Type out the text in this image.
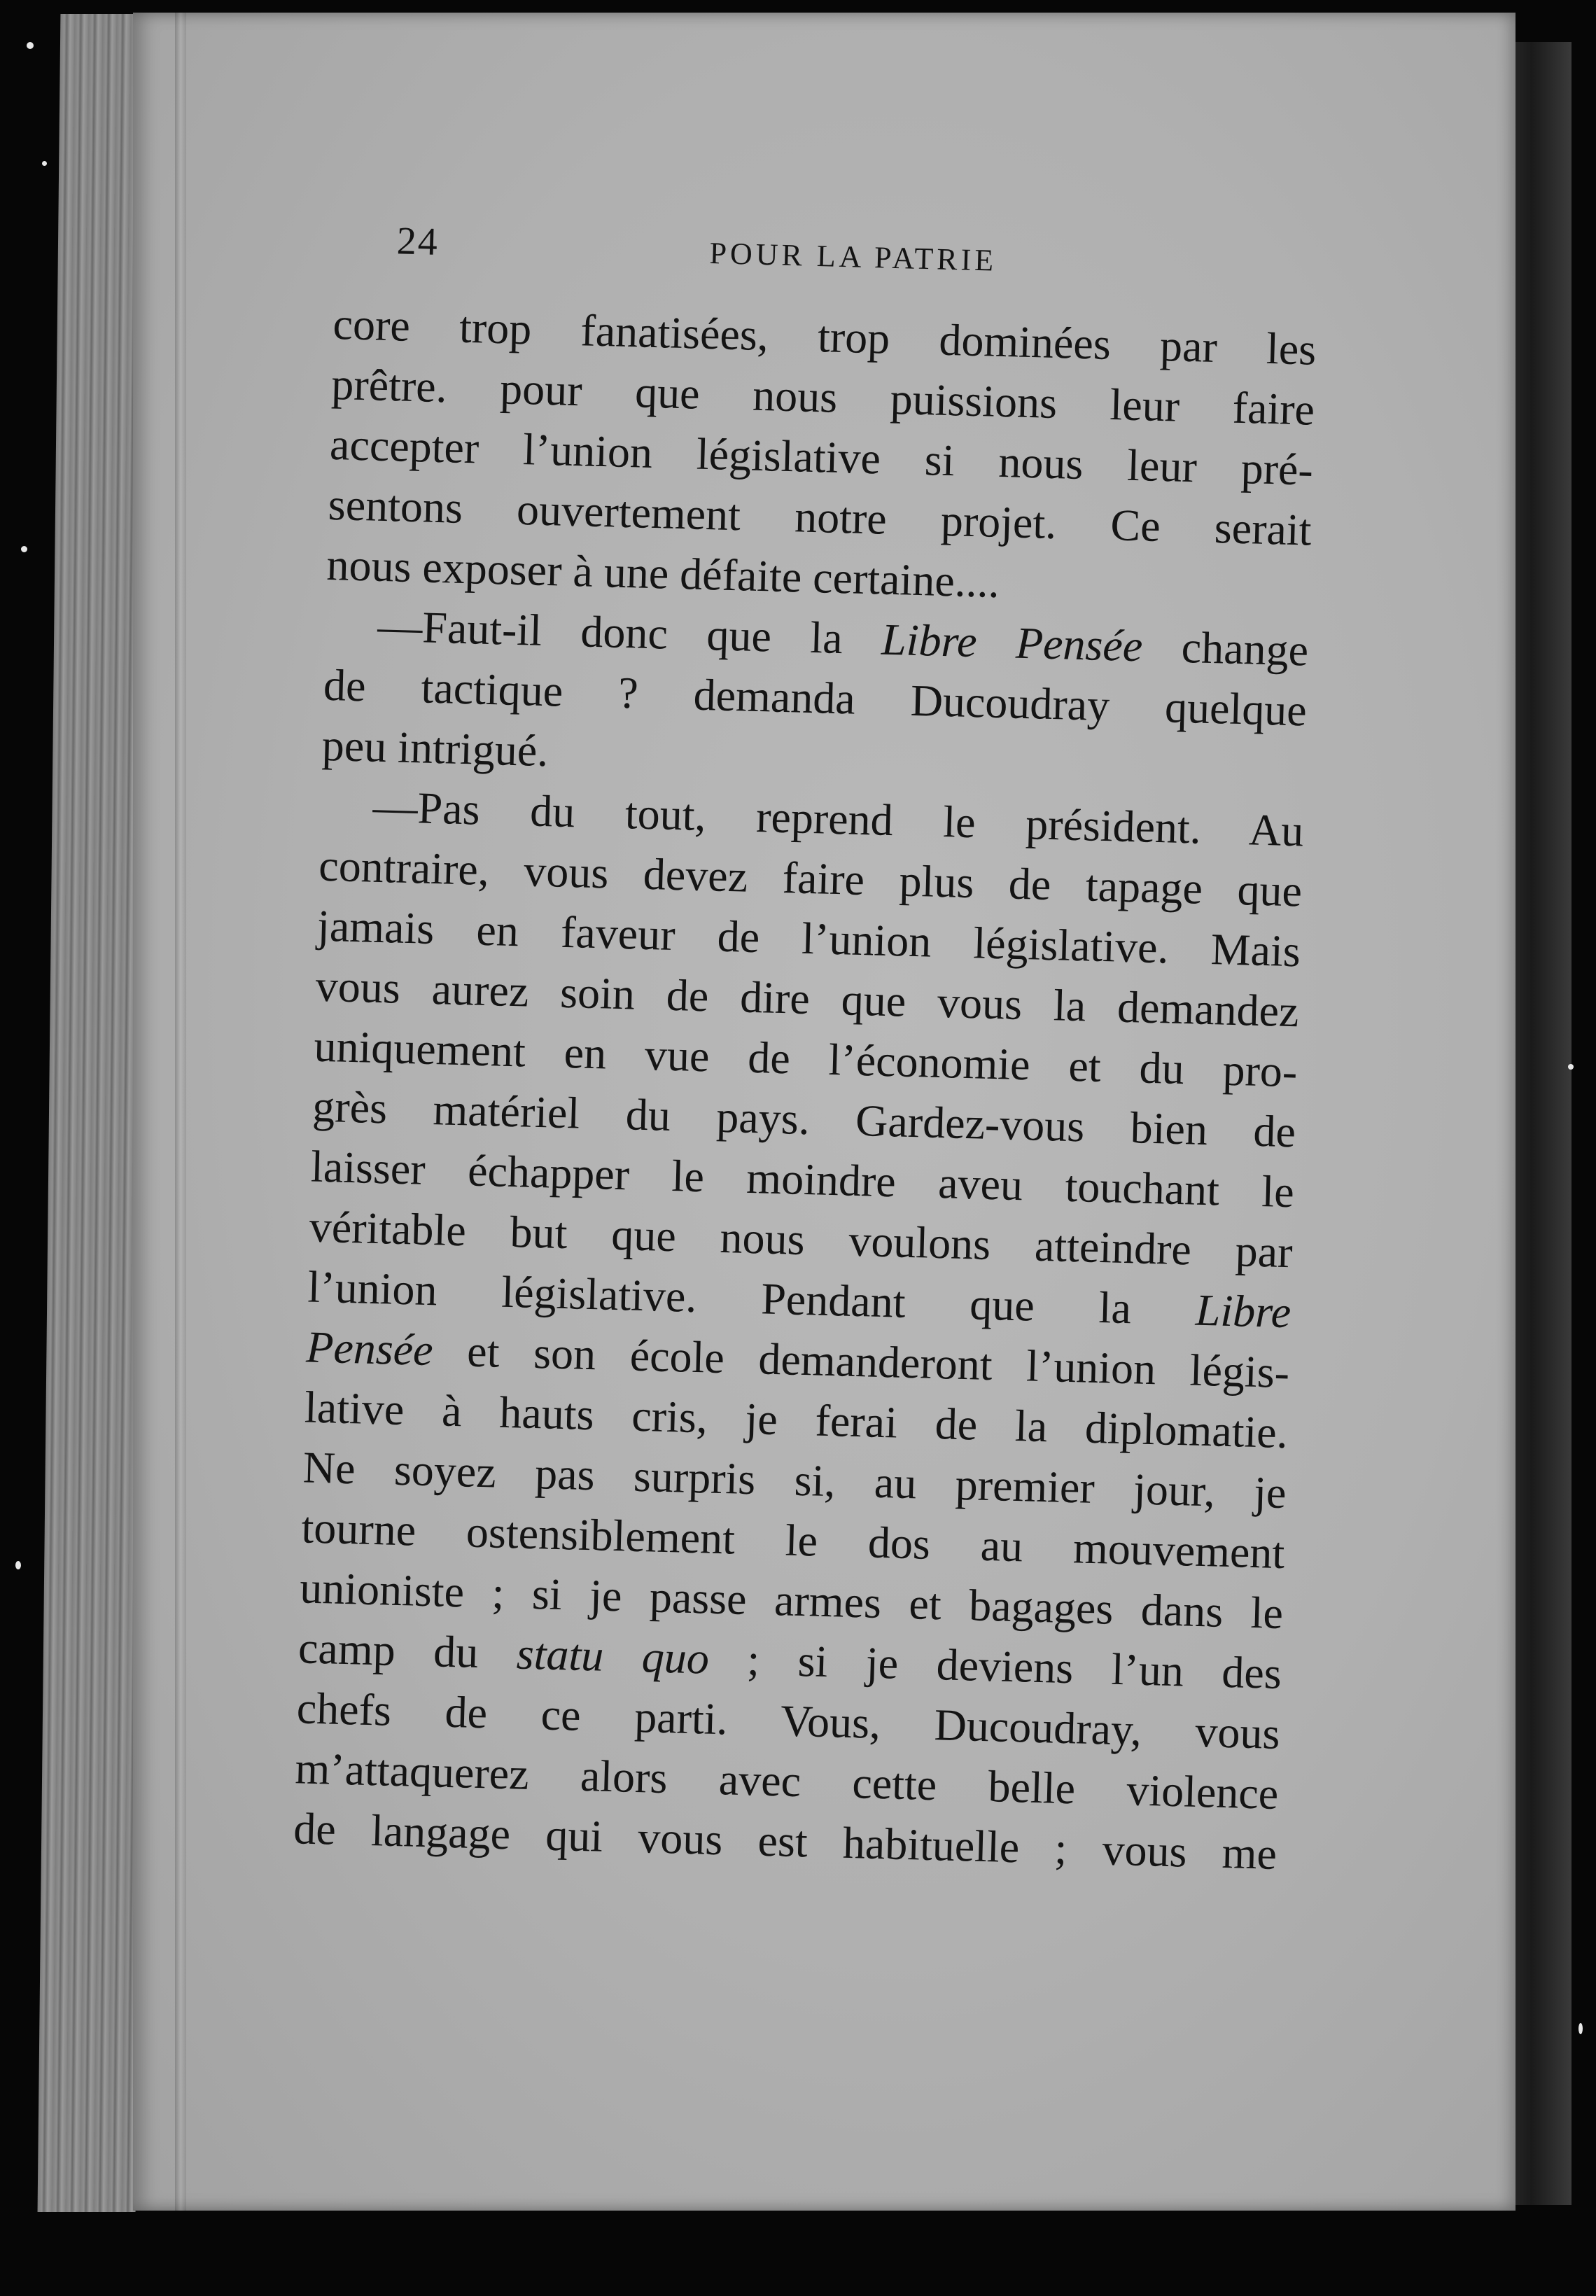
24	POUR LA PATRIE
core trop fanatisées, trop dominées par les
prêtre. pour que nous puissions leur faire
accepter l’union législative si nous leur pré-
sentons ouvertement notre projet. Ce serait
nous exposer à une défaite certaine....
—Faut-il donc que la Libre Pensée change
de tactique ? demanda Ducoudray quelque
peu intrigué.
—Pas du tout, reprend le président. Au
contraire, vous devez faire plus de tapage que
jamais en faveur de l’union législative. Mais
vous aurez soin de dire que vous la demandez
uniquement en vue de l’économie et du pro-
grès matériel du pays. Gardez-vous bien de
laisser échapper le moindre aveu touchant le
véritable but que nous voulons atteindre par
l’union législative. Pendant que la Libre
Pensée et son école demanderont l’union légis-
lative à hauts cris, je ferai de la diplomatie.
Ne soyez pas surpris si, au premier jour, je
tourne ostensiblement le dos au mouvement
unioniste ; si je passe armes et bagages dans le
camp du statu quo ; si je deviens l’un des
chefs de ce parti. Vous, Ducoudray, vous
m’attaquerez alors avec cette belle violence
de langage qui vous est habituelle ; vous me
